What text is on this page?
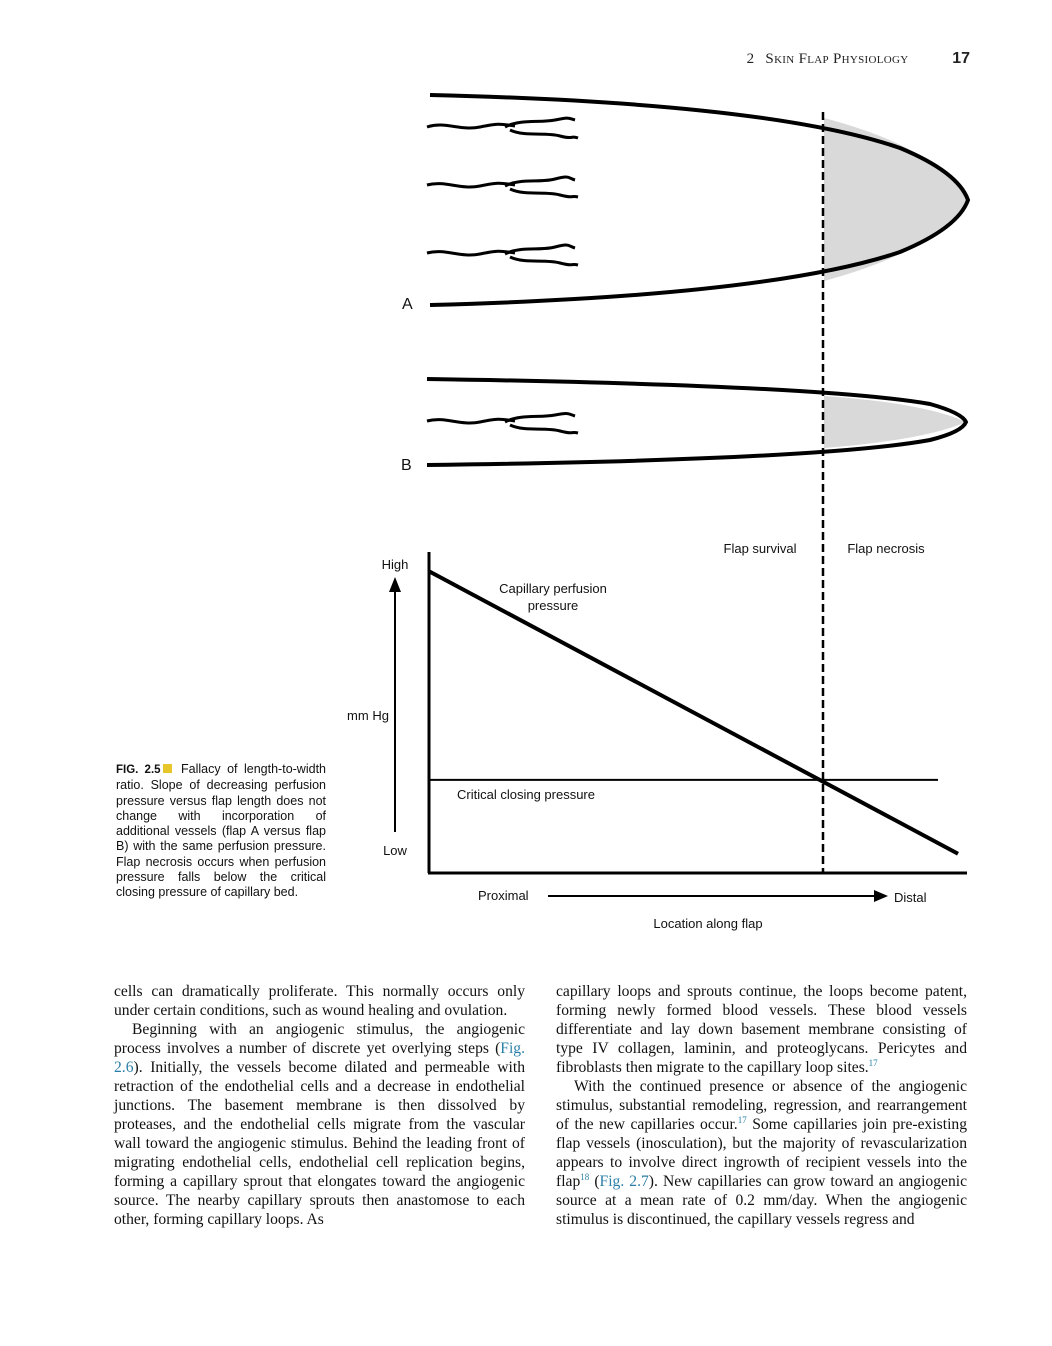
2 Skin Flap Physiology	17
A
B
Flap survival	Flap necrosis
High
Low
mm Hg
Capillary perfusion
pressure
Critical closing pressure
Proximal	Distal
Location along flap
FIG. 2.5 Fallacy of length-to-width ratio. Slope of decreasing perfusion pressure versus flap length does not change with incorporation of additional vessels (flap A versus flap B) with the same perfusion pressure. Flap necrosis occurs when perfusion pressure falls below the critical closing pressure of capillary bed.

cells can dramatically proliferate. This normally occurs only under certain conditions, such as wound healing and ovulation.

Beginning with an angiogenic stimulus, the angiogenic process involves a number of discrete yet overlying steps (Fig. 2.6). Initially, the vessels become dilated and permeable with retraction of the endothelial cells and a decrease in endothelial junctions. The basement membrane is then dissolved by proteases, and the endothelial cells migrate from the vascular wall toward the angiogenic stimulus. Behind the leading front of migrating endothelial cells, endothelial cell replication begins, forming a capillary sprout that elongates toward the angiogenic source. The nearby capillary sprouts then anastomose to each other, forming capillary loops. As

capillary loops and sprouts continue, the loops become patent, forming newly formed blood vessels. These blood vessels differentiate and lay down basement membrane consisting of type IV collagen, laminin, and proteoglycans. Pericytes and fibroblasts then migrate to the capillary loop sites.$^{17}$

With the continued presence or absence of the angiogenic stimulus, substantial remodeling, regression, and rearrangement of the new capillaries occur.$^{17}$ Some capillaries join pre-existing flap vessels (inosculation), but the majority of revascularization appears to involve direct ingrowth of recipient vessels into the flap$^{18}$ (Fig. 2.7). New capillaries can grow toward an angiogenic source at a mean rate of 0.2 mm/day. When the angiogenic stimulus is discontinued, the capillary vessels regress and
